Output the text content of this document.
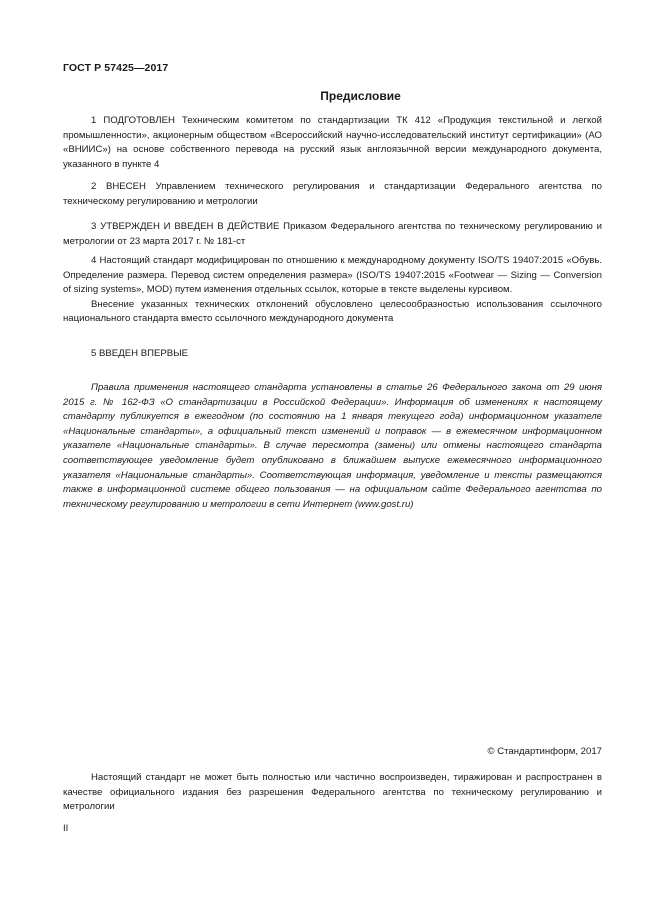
ГОСТ Р 57425—2017
Предисловие

1 ПОДГОТОВЛЕН Техническим комитетом по стандартизации ТК 412 «Продукция текстильной и легкой промышленности», акционерным обществом «Всероссийский научно-исследовательский институт сертификации» (АО «ВНИИС») на основе собственного перевода на русский язык англоязычной версии международного документа, указанного в пункте 4

2 ВНЕСЕН Управлением технического регулирования и стандартизации Федерального агентства по техническому регулированию и метрологии

3 УТВЕРЖДЕН И ВВЕДЕН В ДЕЙСТВИЕ Приказом Федерального агентства по техническому регулированию и метрологии от 23 марта 2017 г. № 181-ст

4 Настоящий стандарт модифицирован по отношению к международному документу ISO/TS 19407:2015 «Обувь. Определение размера. Перевод систем определения размера» (ISO/TS 19407:2015 «Footwear — Sizing — Conversion of sizing systems», MOD) путем изменения отдельных ссылок, которые в тексте выделены курсивом.

Внесение указанных технических отклонений обусловлено целесообразностью использования ссылочного национального стандарта вместо ссылочного международного документа

5 ВВЕДЕН ВПЕРВЫЕ

Правила применения настоящего стандарта установлены в статье 26 Федерального закона от 29 июня 2015 г. № 162-ФЗ «О стандартизации в Российской Федерации». Информация об изменениях к настоящему стандарту публикуется в ежегодном (по состоянию на 1 января текущего года) информационном указателе «Национальные стандарты», а официальный текст изменений и поправок — в ежемесячном информационном указателе «Национальные стандарты». В случае пересмотра (замены) или отмены настоящего стандарта соответствующее уведомление будет опубликовано в ближайшем выпуске ежемесячного информационного указателя «Национальные стандарты». Соответствующая информация, уведомление и тексты размещаются также в информационной системе общего пользования — на официальном сайте Федерального агентства по техническому регулированию и метрологии в сети Интернет (www.gost.ru)

© Стандартинформ, 2017

Настоящий стандарт не может быть полностью или частично воспроизведен, тиражирован и распространен в качестве официального издания без разрешения Федерального агентства по техническому регулированию и метрологии

II
